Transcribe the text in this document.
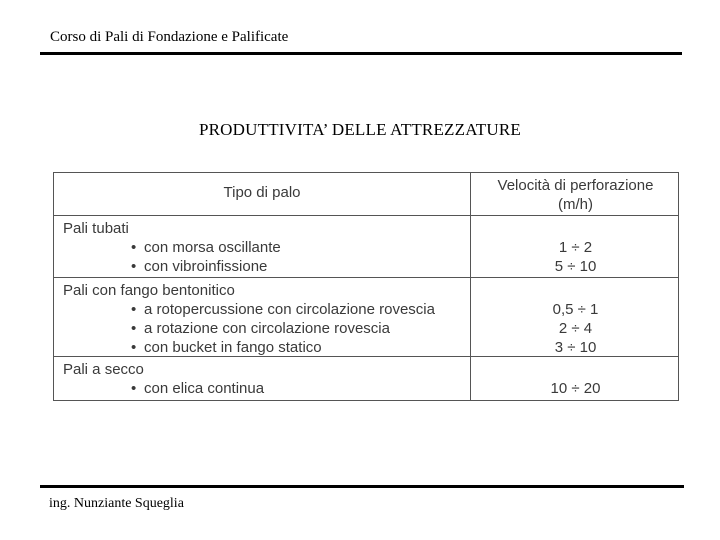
Corso di Pali di Fondazione e Palificate
PRODUTTIVITA’ DELLE ATTREZZATURE
Tipo di palo	Velocità di perforazione
(m/h)
Pali tubati
• con morsa oscillante	1 ÷ 2
• con vibroinfissione	5 ÷ 10
Pali con fango bentonitico
• a rotopercussione con circolazione rovescia	0,5 ÷ 1
• a rotazione con circolazione rovescia	2 ÷ 4
• con bucket in fango statico	3 ÷ 10
Pali a secco
• con elica continua	10 ÷ 20
ing. Nunziante Squeglia
